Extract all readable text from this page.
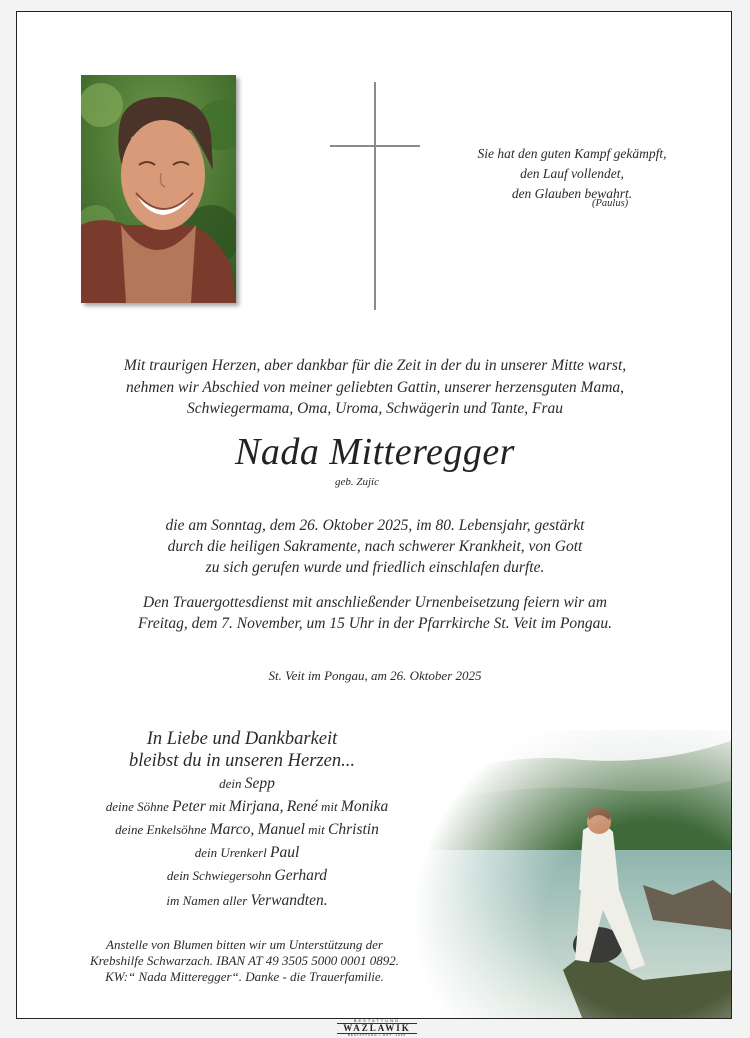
Sie hat den guten Kampf gekämpft,
den Lauf vollendet,
den Glauben bewahrt.
(Paulus)
Mit traurigen Herzen, aber dankbar für die Zeit in der du in unserer Mitte warst,
nehmen wir Abschied von meiner geliebten Gattin, unserer herzensguten Mama,
Schwiegermama, Oma, Uroma, Schwägerin und Tante, Frau
Nada Mitteregger
geb. Zujic
die am Sonntag, dem 26. Oktober 2025, im 80. Lebensjahr, gestärkt
durch die heiligen Sakramente, nach schwerer Krankheit, von Gott
zu sich gerufen wurde und friedlich einschlafen durfte.
Den Trauergottesdienst mit anschließender Urnenbeisetzung feiern wir am
Freitag, dem 7. November, um 15 Uhr in der Pfarrkirche St. Veit im Pongau.
St. Veit im Pongau, am 26. Oktober 2025
In Liebe und Dankbarkeit
bleibst du in unseren Herzen...
dein Sepp
deine Söhne Peter mit Mirjana, René mit Monika
deine Enkelsöhne Marco, Manuel mit Christin
dein Urenkerl Paul
dein Schwiegersohn Gerhard
im Namen aller Verwandten.
Anstelle von Blumen bitten wir um Unterstützung der
Krebshilfe Schwarzach. IBAN AT 49 3505 5000 0001 0892.
KW:“ Nada Mitteregger“. Danke - die Trauerfamilie.
BESTATTUNG
WAZLAWIK
BESTATTUNG • EST. 1990
